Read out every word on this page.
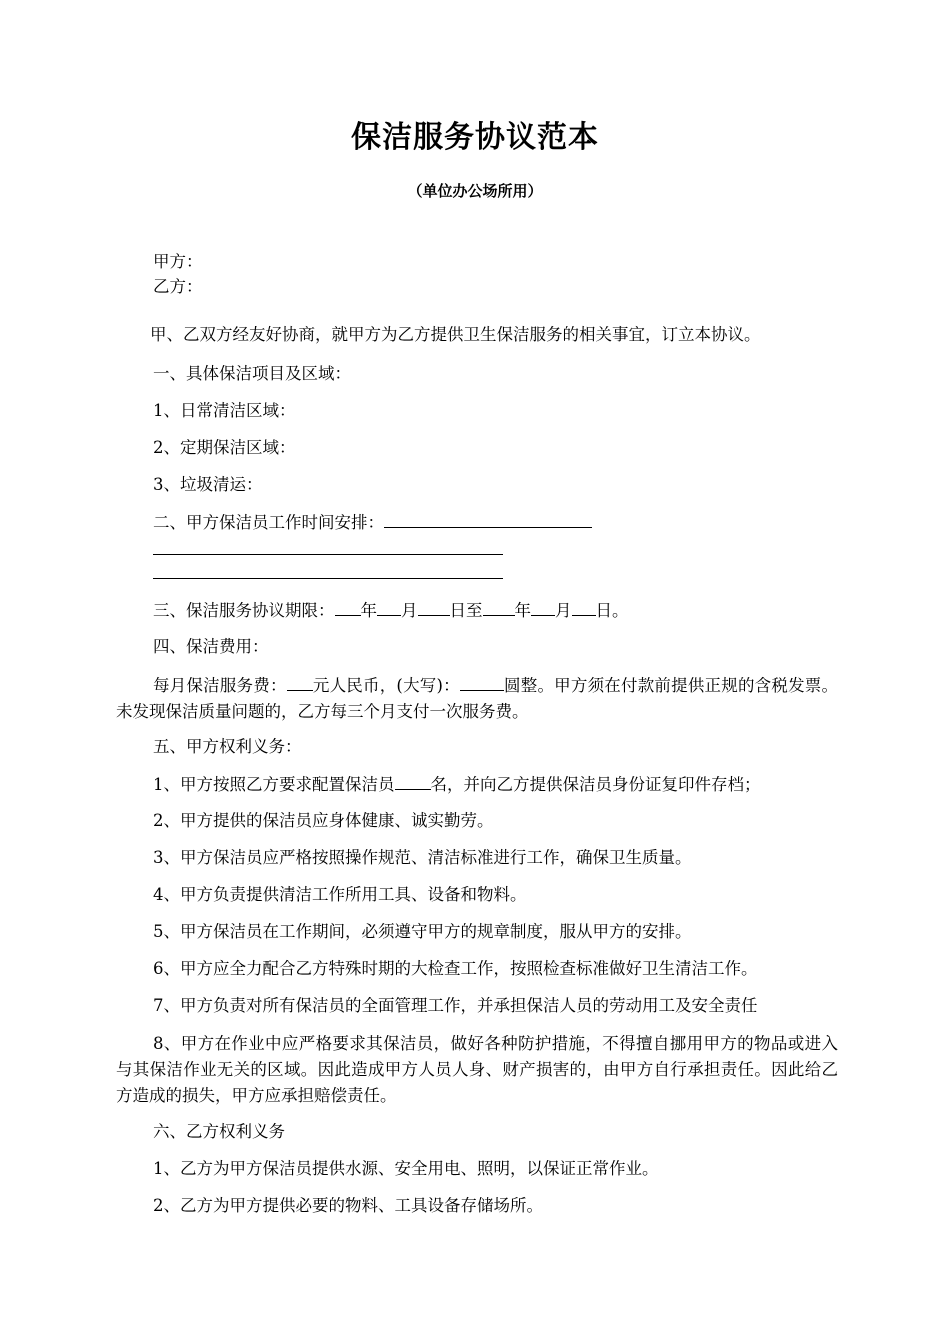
保洁服务协议范本
（单位办公场所用）
甲方：
乙方：
甲、乙双方经友好协商，就甲方为乙方提供卫生保洁服务的相关事宜，订立本协议。
一、具体保洁项目及区域：
1、日常清洁区域：
2、定期保洁区域：
3、垃圾清运：
二、甲方保洁员工作时间安排：
三、保洁服务协议期限： 年 月 日至 年 月 日。
四、保洁费用：
每月保洁服务费： 元人民币，(大写)：	圆整。甲方须在付款前提供正规的含税发票。未发现保洁质量问题的，乙方每三个月支付一次服务费。
五、甲方权利义务：
1、甲方按照乙方要求配置保洁员 名，并向乙方提供保洁员身份证复印件存档；
2、甲方提供的保洁员应身体健康、诚实勤劳。
3、甲方保洁员应严格按照操作规范、清洁标准进行工作，确保卫生质量。
4、甲方负责提供清洁工作所用工具、设备和物料。
5、甲方保洁员在工作期间，必须遵守甲方的规章制度，服从甲方的安排。
6、甲方应全力配合乙方特殊时期的大检查工作，按照检查标准做好卫生清洁工作。
7、甲方负责对所有保洁员的全面管理工作，并承担保洁人员的劳动用工及安全责任
8、甲方在作业中应严格要求其保洁员，做好各种防护措施，不得擅自挪用甲方的物品或进入与其保洁作业无关的区域。因此造成甲方人员人身、财产损害的，由甲方自行承担责任。因此给乙方造成的损失，甲方应承担赔偿责任。
六、乙方权利义务
1、乙方为甲方保洁员提供水源、安全用电、照明，以保证正常作业。
2、乙方为甲方提供必要的物料、工具设备存储场所。
